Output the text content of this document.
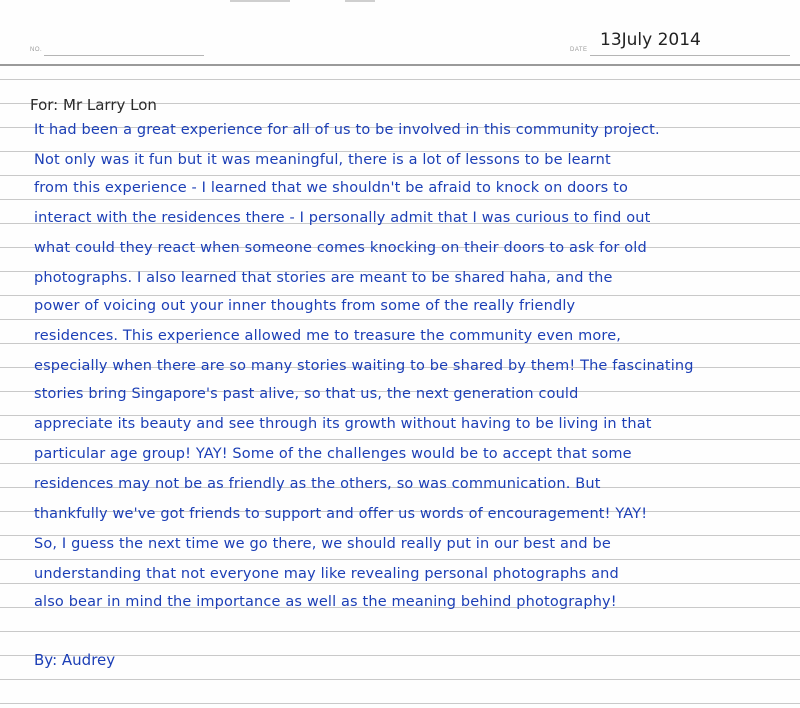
NO.	DATE 13July 2014
For: Mr Larry Lon
It had been a great experience for all of us to be involved in this community project.
Not only was it fun but it was meaningful, there is a lot of lessons to be learnt
from this experience - I learned that we shouldn't be afraid to knock on doors to
interact with the residences there - I personally admit that I was curious to find out
what could they react when someone comes knocking on their doors to ask for old
photographs. I also learned that stories are meant to be shared haha, and the
power of voicing out your inner thoughts from some of the really friendly
residences. This experience allowed me to treasure the community even more,
especially when there are so many stories waiting to be shared by them! The fascinating
stories bring Singapore's past alive, so that us, the next generation could
appreciate its beauty and see through its growth without having to be living in that
particular age group! YAY! Some of the challenges would be to accept that some
residences may not be as friendly as the others, so was communication. But
thankfully we've got friends to support and offer us words of encouragement! YAY!
So, I guess the next time we go there, we should really put in our best and be
understanding that not everyone may like revealing personal photographs and
also bear in mind the importance as well as the meaning behind photography!
By: Audrey
